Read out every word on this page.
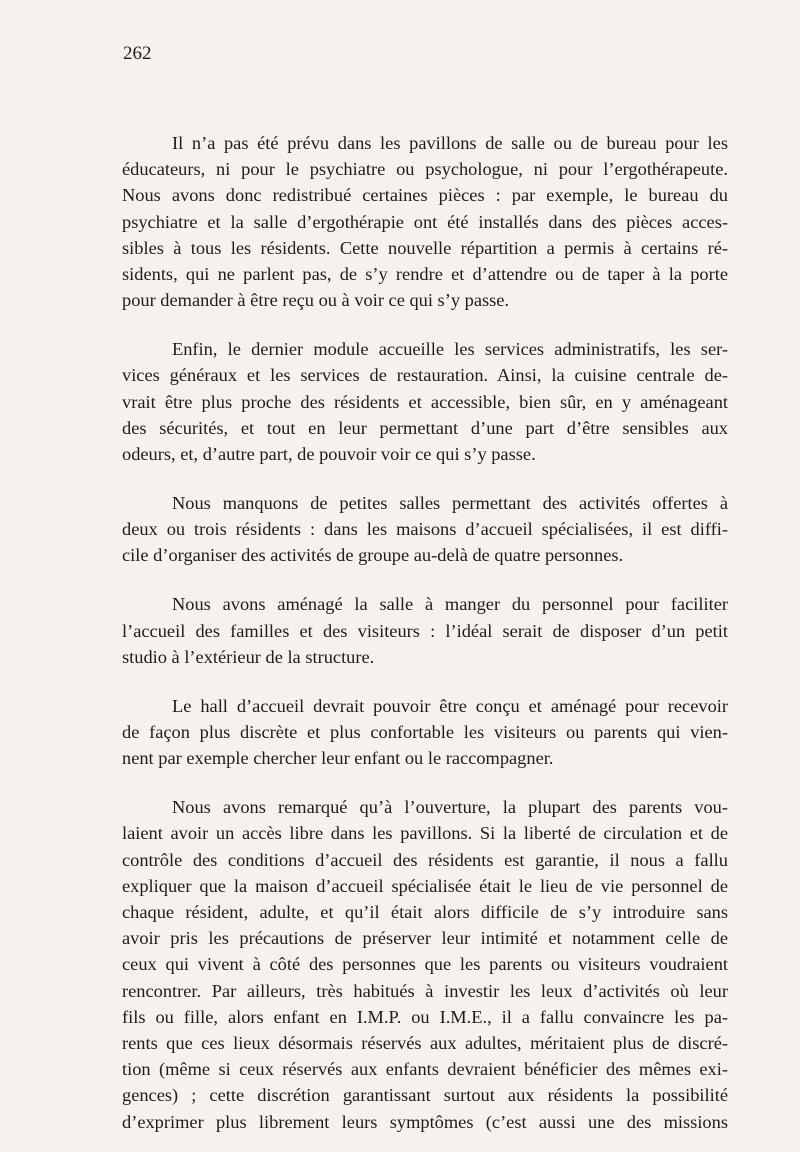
262

Il n’a pas été prévu dans les pavillons de salle ou de bureau pour les
éducateurs, ni pour le psychiatre ou psychologue, ni pour l’ergothérapeute.
Nous avons donc redistribué certaines pièces : par exemple, le bureau du
psychiatre et la salle d’ergothérapie ont été installés dans des pièces acces-
sibles à tous les résidents. Cette nouvelle répartition a permis à certains ré-
sidents, qui ne parlent pas, de s’y rendre et d’attendre ou de taper à la porte
pour demander à être reçu ou à voir ce qui s’y passe.

Enfin, le dernier module accueille les services administratifs, les ser-
vices généraux et les services de restauration. Ainsi, la cuisine centrale de-
vrait être plus proche des résidents et accessible, bien sûr, en y aménageant
des sécurités, et tout en leur permettant d’une part d’être sensibles aux
odeurs, et, d’autre part, de pouvoir voir ce qui s’y passe.

Nous manquons de petites salles permettant des activités offertes à
deux ou trois résidents : dans les maisons d’accueil spécialisées, il est diffi-
cile d’organiser des activités de groupe au-delà de quatre personnes.

Nous avons aménagé la salle à manger du personnel pour faciliter
l’accueil des familles et des visiteurs : l’idéal serait de disposer d’un petit
studio à l’extérieur de la structure.

Le hall d’accueil devrait pouvoir être conçu et aménagé pour recevoir
de façon plus discrète et plus confortable les visiteurs ou parents qui vien-
nent par exemple chercher leur enfant ou le raccompagner.

Nous avons remarqué qu’à l’ouverture, la plupart des parents vou-
laient avoir un accès libre dans les pavillons. Si la liberté de circulation et de
contrôle des conditions d’accueil des résidents est garantie, il nous a fallu
expliquer que la maison d’accueil spécialisée était le lieu de vie personnel de
chaque résident, adulte, et qu’il était alors difficile de s’y introduire sans
avoir pris les précautions de préserver leur intimité et notamment celle de
ceux qui vivent à côté des personnes que les parents ou visiteurs voudraient
rencontrer. Par ailleurs, très habitués à investir les leux d’activités où leur
fils ou fille, alors enfant en I.M.P. ou I.M.E., il a fallu convaincre les pa-
rents que ces lieux désormais réservés aux adultes, méritaient plus de discré-
tion (même si ceux réservés aux enfants devraient bénéficier des mêmes exi-
gences) ; cette discrétion garantissant surtout aux résidents la possibilité
d’exprimer plus librement leurs symptômes (c’est aussi une des missions
